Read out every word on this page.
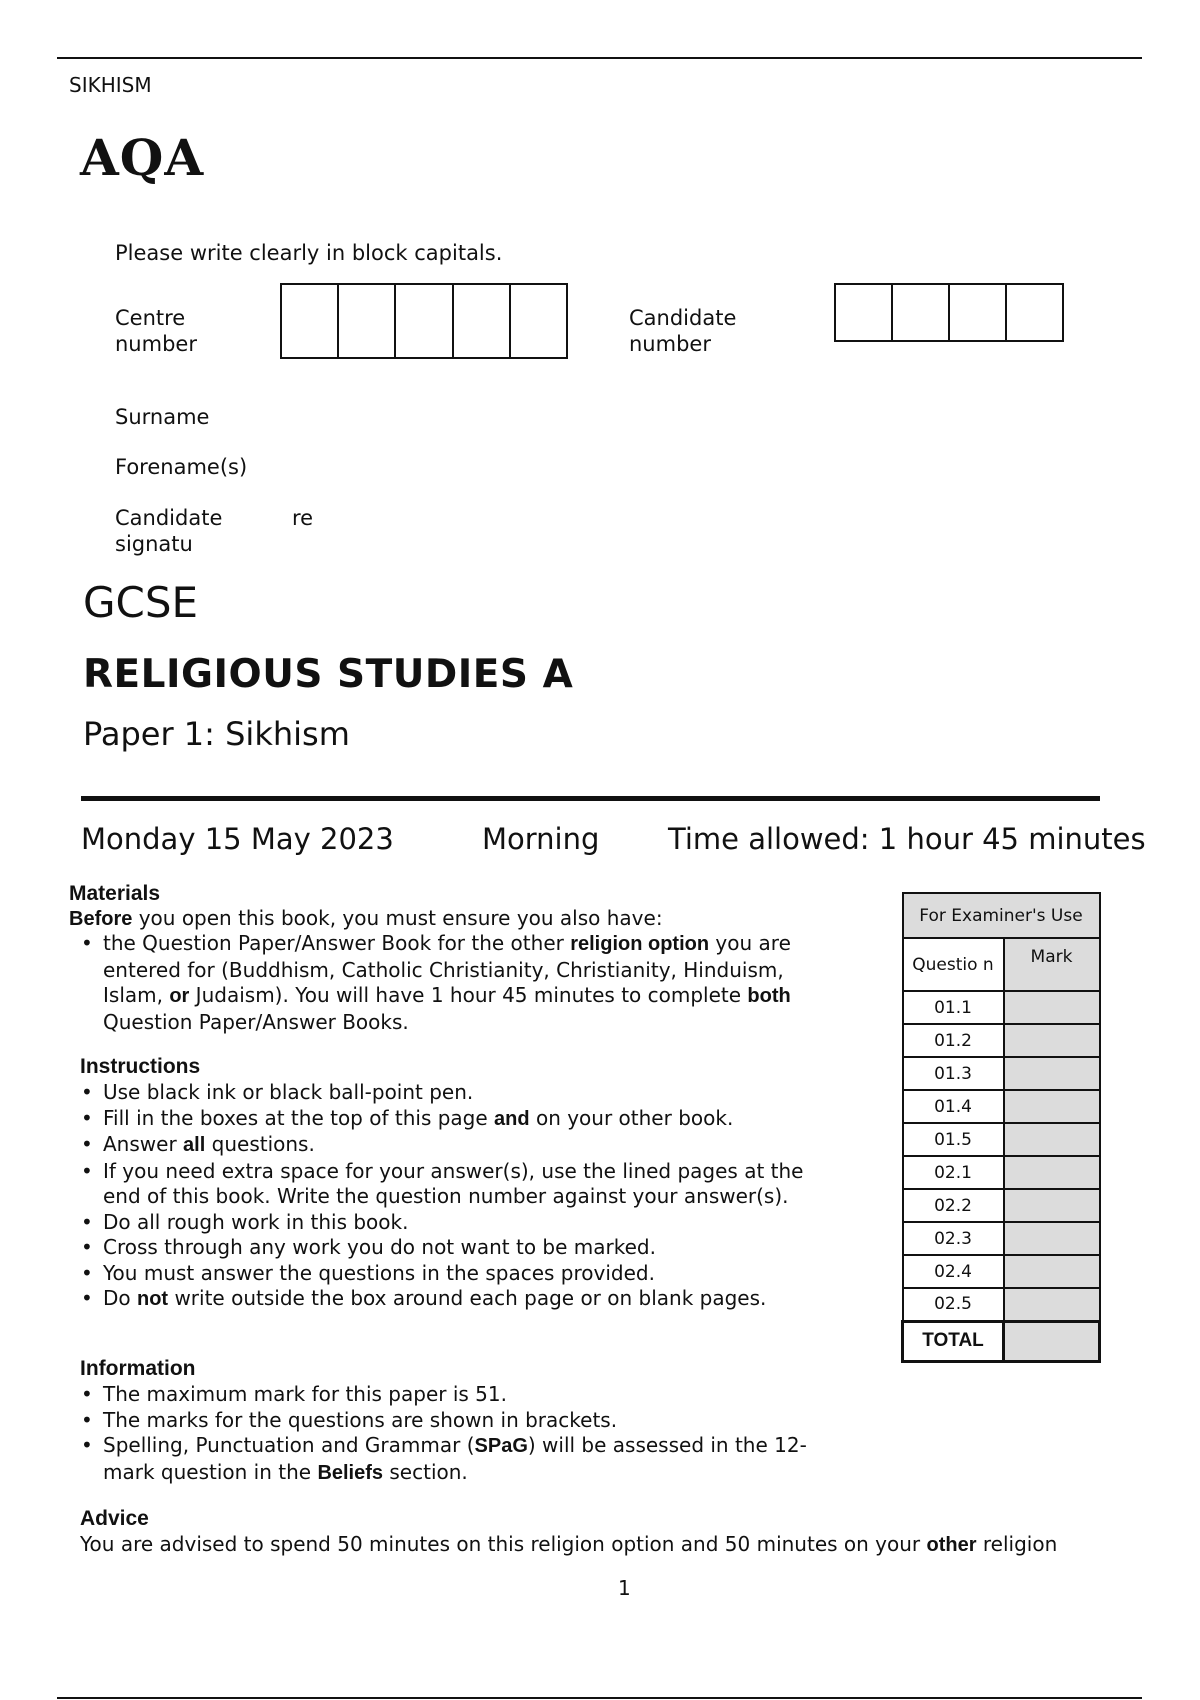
SIKHISM
AQA
Please write clearly in block capitals.
Centre
number
Candidate
number
Surname
Forename(s)
Candidate
signatu
re
GCSE
RELIGIOUS STUDIES A
Paper 1: Sikhism
Monday 15 May 2023	Morning Time allowed: 1 hour 45 minutes
Materials
Before you open this book, you must ensure you also have:
• the Question Paper/Answer Book for the other religion option you are entered for (Buddhism, Catholic Christianity, Christianity, Hinduism, Islam, or Judaism). You will have 1 hour 45 minutes to complete both Question Paper/Answer Books.
Instructions
• Use black ink or black ball-point pen.
• Fill in the boxes at the top of this page and on your other book.
• Answer all questions.
• If you need extra space for your answer(s), use the lined pages at the end of this book. Write the question number against your answer(s).
• Do all rough work in this book.
• Cross through any work you do not want to be marked.
• You must answer the questions in the spaces provided.
• Do not write outside the box around each page or on blank pages.
Information
• The maximum mark for this paper is 51.
• The marks for the questions are shown in brackets.
• Spelling, Punctuation and Grammar (SPaG) will be assessed in the 12-mark question in the Beliefs section.
Advice
You are advised to spend 50 minutes on this religion option and 50 minutes on your other religion
1
For Examiner's Use	
Questio n	Mark
01.1	
01.2	
01.3	
01.4	
01.5	
02.1	
02.2	
02.3	
02.4	
02.5	
TOTAL	
